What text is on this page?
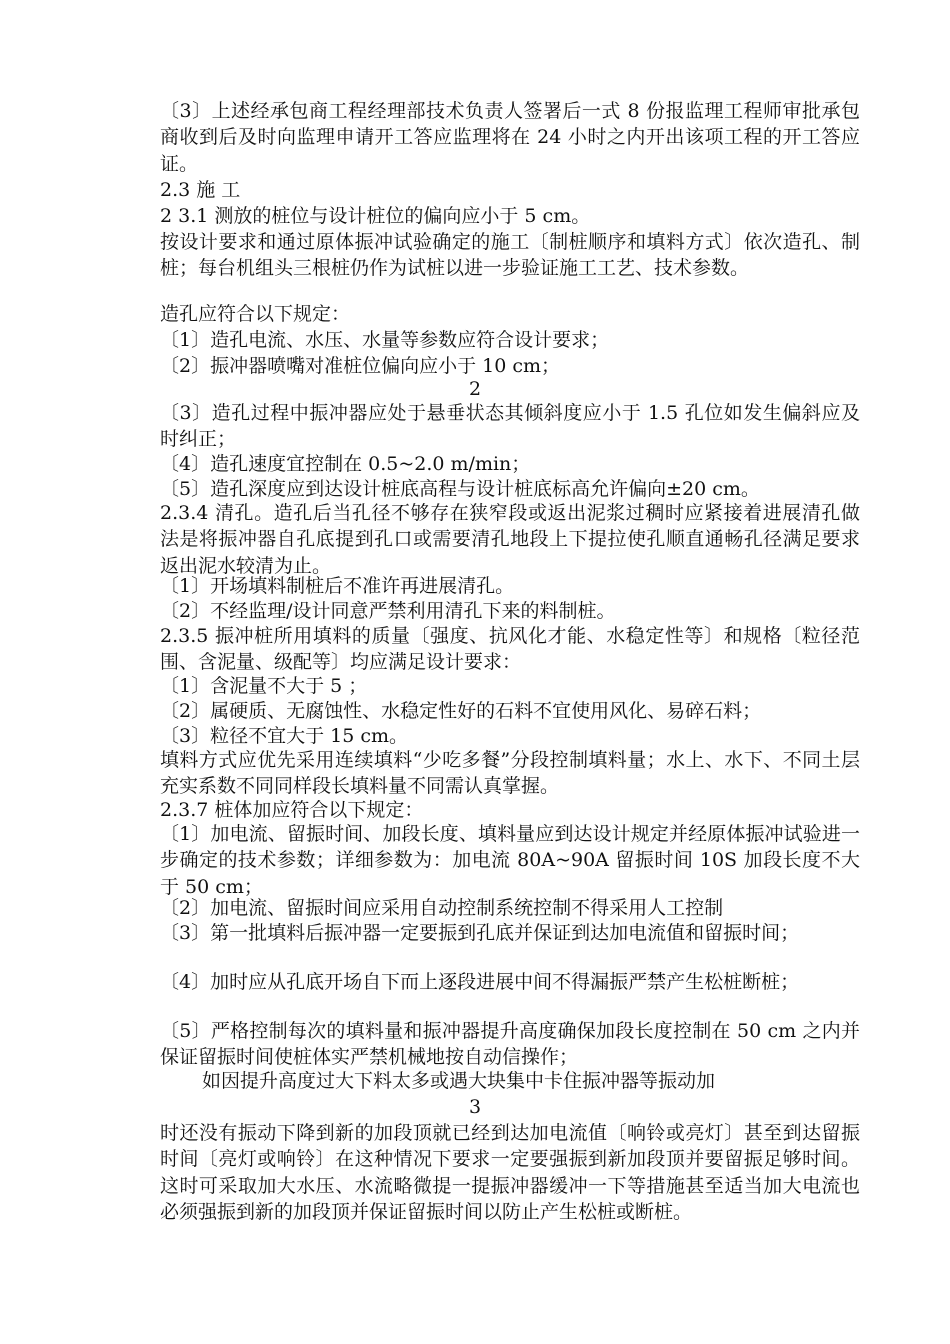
〔3〕上述经承包商工程经理部技术负责人签署后一式 8 份报监理工程师审批承包商收到后及时向监理申请开工答应监理将在 24 小时之内开出该项工程的开工答应证。

2.3 施 工

2 3.1 测放的桩位与设计桩位的偏向应小于 5 cm。

按设计要求和通过原体振冲试验确定的施工〔制桩顺序和填料方式〕依次造孔、制桩；每台机组头三根桩仍作为试桩以进一步验证施工工艺、技术参数。

造孔应符合以下规定：

〔1〕造孔电流、水压、水量等参数应符合设计要求；

〔2〕振冲器喷嘴对准桩位偏向应小于 10 cm；

2

〔3〕造孔过程中振冲器应处于悬垂状态其倾斜度应小于 1.5 孔位如发生偏斜应及时纠正；

〔4〕造孔速度宜控制在 0.5~2.0 m/min；

〔5〕造孔深度应到达设计桩底高程与设计桩底标高允许偏向±20 cm。

2.3.4 清孔。造孔后当孔径不够存在狭窄段或返出泥浆过稠时应紧接着进展清孔做法是将振冲器自孔底提到孔口或需要清孔地段上下提拉使孔顺直通畅孔径满足要求返出泥水较清为止。

〔1〕开场填料制桩后不准许再进展清孔。

〔2〕不经监理/设计同意严禁利用清孔下来的料制桩。

2.3.5 振冲桩所用填料的质量〔强度、抗风化才能、水稳定性等〕和规格〔粒径范围、含泥量、级配等〕均应满足设计要求：

〔1〕含泥量不大于 5 ；

〔2〕属硬质、无腐蚀性、水稳定性好的石料不宜使用风化、易碎石料；

〔3〕粒径不宜大于 15 cm。

填料方式应优先采用连续填料“少吃多餐”分段控制填料量；水上、水下、不同土层充实系数不同同样段长填料量不同需认真掌握。

2.3.7 桩体加应符合以下规定：

〔1〕加电流、留振时间、加段长度、填料量应到达设计规定并经原体振冲试验进一步确定的技术参数；详细参数为：加电流 80A~90A 留振时间 10S 加段长度不大于 50 cm；

〔2〕加电流、留振时间应采用自动控制系统控制不得采用人工控制

〔3〕第一批填料后振冲器一定要振到孔底并保证到达加电流值和留振时间；

〔4〕加时应从孔底开场自下而上逐段进展中间不得漏振严禁产生松桩断桩；

〔5〕严格控制每次的填料量和振冲器提升高度确保加段长度控制在 50 cm 之内并保证留振时间使桩体实严禁机械地按自动信操作；

如因提升高度过大下料太多或遇大块集中卡住振冲器等振动加

3

时还没有振动下降到新的加段顶就已经到达加电流值〔响铃或亮灯〕甚至到达留振时间〔亮灯或响铃〕在这种情况下要求一定要强振到新加段顶并要留振足够时间。这时可采取加大水压、水流略微提一提振冲器缓冲一下等措施甚至适当加大电流也必须强振到新的加段顶并保证留振时间以防止产生松桩或断桩。
